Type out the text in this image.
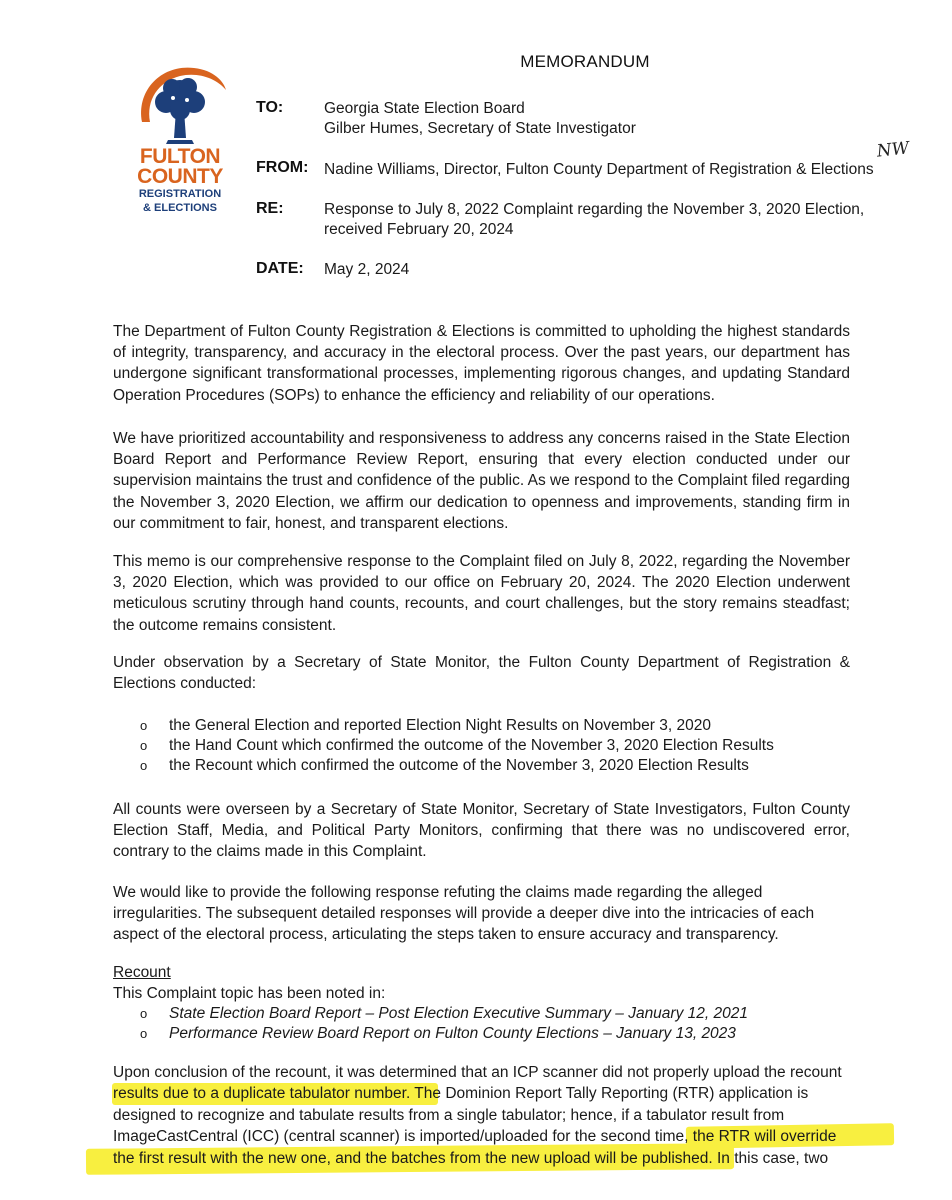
FULTON
COUNTY
REGISTRATION
& ELECTIONS
MEMORANDUM
TO:	Georgia State Election Board
Gilber Humes, Secretary of State Investigator
FROM: Nadine Williams, Director, Fulton County Department of Registration & Elections
NW
RE:	Response to July 8, 2022 Complaint regarding the November 3, 2020 Election,
received February 20, 2024
DATE: May 2, 2024
The Department of Fulton County Registration & Elections is committed to upholding the highest standards of integrity, transparency, and accuracy in the electoral process. Over the past years, our department has undergone significant transformational processes, implementing rigorous changes, and updating Standard Operation Procedures (SOPs) to enhance the efficiency and reliability of our operations.
We have prioritized accountability and responsiveness to address any concerns raised in the State Election Board Report and Performance Review Report, ensuring that every election conducted under our supervision maintains the trust and confidence of the public. As we respond to the Complaint filed regarding the November 3, 2020 Election, we affirm our dedication to openness and improvements, standing firm in our commitment to fair, honest, and transparent elections.
This memo is our comprehensive response to the Complaint filed on July 8, 2022, regarding the November 3, 2020 Election, which was provided to our office on February 20, 2024. The 2020 Election underwent meticulous scrutiny through hand counts, recounts, and court challenges, but the story remains steadfast; the outcome remains consistent.
Under observation by a Secretary of State Monitor, the Fulton County Department of Registration & Elections conducted:
o the General Election and reported Election Night Results on November 3, 2020
o the Hand Count which confirmed the outcome of the November 3, 2020 Election Results
o the Recount which confirmed the outcome of the November 3, 2020 Election Results
All counts were overseen by a Secretary of State Monitor, Secretary of State Investigators, Fulton County Election Staff, Media, and Political Party Monitors, confirming that there was no undiscovered error, contrary to the claims made in this Complaint.
We would like to provide the following response refuting the claims made regarding the alleged irregularities. The subsequent detailed responses will provide a deeper dive into the intricacies of each aspect of the electoral process, articulating the steps taken to ensure accuracy and transparency.
Recount
This Complaint topic has been noted in:
o State Election Board Report – Post Election Executive Summary – January 12, 2021
o Performance Review Board Report on Fulton County Elections – January 13, 2023
Upon conclusion of the recount, it was determined that an ICP scanner did not properly upload the recount
results due to a duplicate tabulator number. The Dominion Report Tally Reporting (RTR) application is
designed to recognize and tabulate results from a single tabulator; hence, if a tabulator result from
ImageCastCentral (ICC) (central scanner) is imported/uploaded for the second time, the RTR will override
the first result with the new one, and the batches from the new upload will be published. In this case, two
